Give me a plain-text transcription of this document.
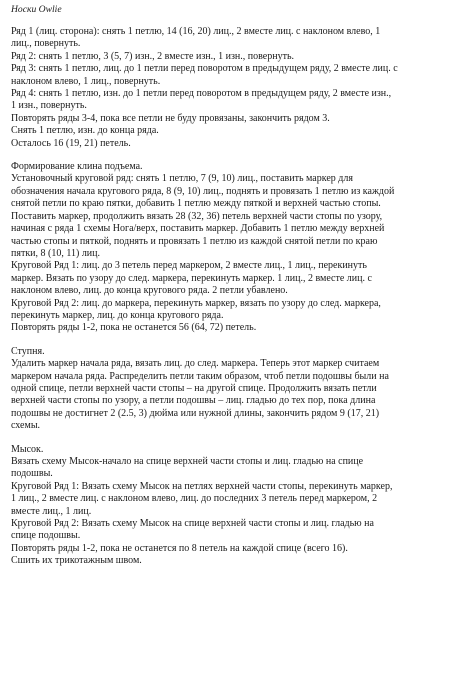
Носки Owlie

Ряд 1 (лиц. сторона): снять 1 петлю, 14 (16, 20) лиц., 2 вместе лиц. с наклоном влево, 1
лиц., повернуть.

Ряд 2: снять 1 петлю, 3 (5, 7) изн., 2 вместе изн., 1 изн., повернуть.

Ряд 3: снять 1 петлю, лиц. до 1 петли перед поворотом в предыдущем ряду, 2 вместе лиц. с
наклоном влево, 1 лиц., повернуть.

Ряд 4: снять 1 петлю, изн. до 1 петли перед поворотом в предыдущем ряду, 2 вместе изн.,
1 изн., повернуть.

Повторять ряды 3-4, пока все петли не буду провязаны, закончить рядом 3.

Снять 1 петлю, изн. до конца ряда.

Осталось 16 (19, 21) петель.

Формирование клина подъема.

Установочный круговой ряд: снять 1 петлю, 7 (9, 10) лиц., поставить маркер для
обозначения начала кругового ряда, 8 (9, 10) лиц., поднять и провязать 1 петлю из каждой
снятой петли по краю пятки, добавить 1 петлю между пяткой и верхней частью стопы.

Поставить маркер, продолжить вязать 28 (32, 36) петель верхней части стопы по узору,
начиная с ряда 1 схемы Нога/верх, поставить маркер. Добавить 1 петлю между верхней
частью стопы и пяткой, поднять и провязать 1 петлю из каждой снятой петли по краю
пятки, 8 (10, 11) лиц.

Круговой Ряд 1: лиц. до 3 петель перед маркером, 2 вместе лиц., 1 лиц., перекинуть
маркер. Вязать по узору до след. маркера, перекинуть маркер. 1 лиц., 2 вместе лиц. с
наклоном влево, лиц. до конца кругового ряда. 2 петли убавлено.

Круговой Ряд 2: лиц. до маркера, перекинуть маркер, вязать по узору до след. маркера,
перекинуть маркер, лиц. до конца кругового ряда.

Повторять ряды 1-2, пока не останется 56 (64, 72) петель.

Ступня.

Удалить маркер начала ряда, вязать лиц. до след. маркера. Теперь этот маркер считаем
маркером начала ряда. Распределить петли таким образом, чтоб петли подошвы были на
одной спице, петли верхней части стопы – на другой спице. Продолжить вязать петли
верхней части стопы по узору, а петли подошвы – лиц. гладью до тех пор, пока длина
подошвы не достигнет 2 (2.5, 3) дюйма или нужной длины, закончить рядом 9 (17, 21)
схемы.

Мысок.

Вязать схему Мысок-начало на спице верхней части стопы и лиц. гладью на спице
подошвы.

Круговой Ряд 1: Вязать схему Мысок на петлях верхней части стопы, перекинуть маркер,
1 лиц., 2 вместе лиц. с наклоном влево, лиц. до последних 3 петель перед маркером, 2
вместе лиц., 1 лиц.

Круговой Ряд 2: Вязать схему Мысок на спице верхней части стопы и лиц. гладью на
спице подошвы.

Повторять ряды 1-2, пока не останется по 8 петель на каждой спице (всего 16).

Сшить их трикотажным швом.
